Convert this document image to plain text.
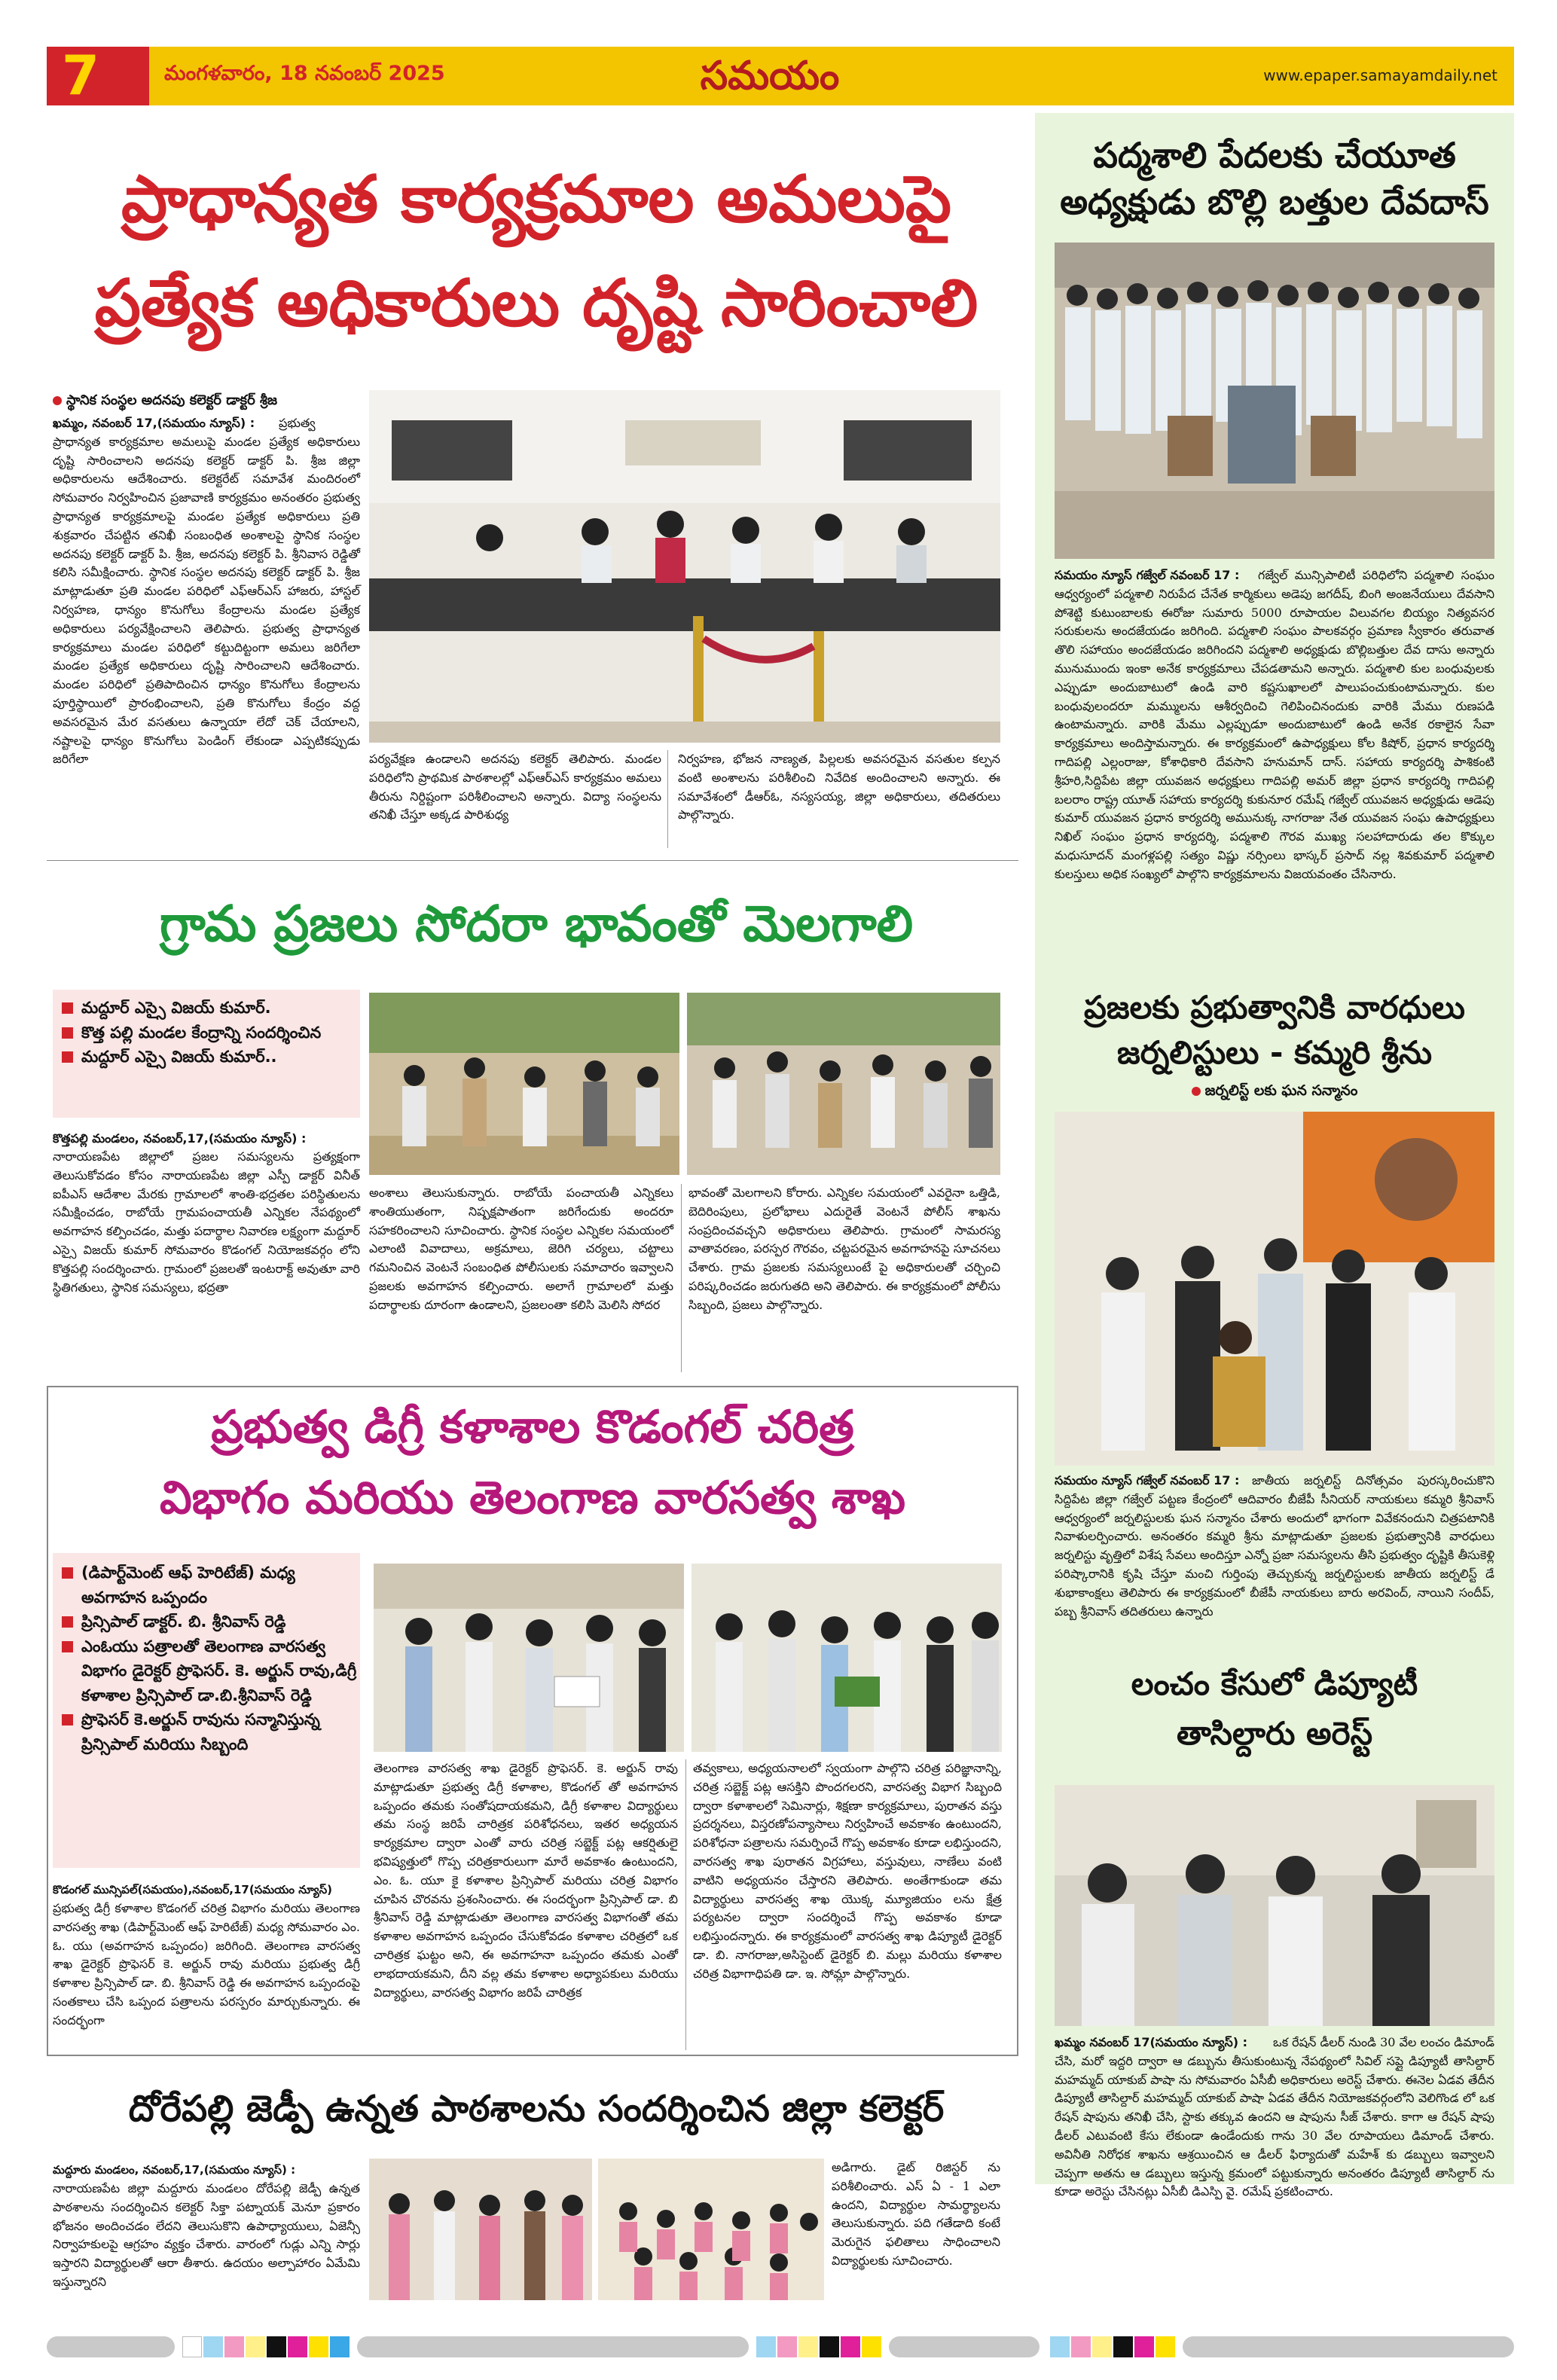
7	మంగళవారం, 18 నవంబర్ 2025	సమయం	www.epaper.samayamdaily.net
పద్మశాలి పేదలకు చేయూత
అధ్యక్షుడు బొల్లి బత్తుల దేవదాస్
సమయం న్యూస్ గజ్వేల్ నవంబర్ 17 :	గజ్వేల్ మున్సిపాలిటీ పరిధిలోని పద్మశాలి సంఘం ఆధ్వర్యంలో పద్మశాలి నిరుపేద చేనేత కార్మికులు అడెపు జగదీష్, బింగి అంజనేయులు దేవసాని పోశెట్టి కుటుంబాలకు ఈరోజు సుమారు 5000 రూపాయల విలువగల బియ్యం నిత్యవసర సరుకులను అందజేయడం జరిగింది. పద్మశాలి సంఘం పాలకవర్గం ప్రమాణ స్వీకారం తరువాత తొలి సహాయం అందజేయడం జరిగిందని పద్మశాలి అధ్యక్షుడు బొల్లిబత్తుల దేవ దాసు అన్నారు మునుముందు ఇంకా అనేక కార్యక్రమాలు చేపడతామని అన్నారు. పద్మశాలి కుల బంధువులకు ఎప్పుడూ అందుబాటులో ఉండి వారి కష్టసుఖాలలో పాలుపంచుకుంటామన్నారు. కుల బంధువులందరూ మమ్ములను ఆశీర్వదించి గెలిపించినందుకు వారికి మేము రుణపడి ఉంటామన్నారు. వారికి మేము ఎల్లప్పుడూ అందుబాటులో ఉండి అనేక రకాలైన సేవా కార్యక్రమాలు అందిస్తామన్నారు. ఈ కార్యక్రమంలో ఉపాధ్యక్షులు కోల కిషోర్, ప్రధాన కార్యదర్శి గాదిపల్లి ఎల్లంరాజు, కోశాధికారి దేవసాని హనుమాన్ దాస్. సహాయ కార్యదర్శి పాశికంటి శ్రీహరి,సిద్దిపేట జిల్లా యువజన అధ్యక్షులు గాదిపల్లి అమర్ జిల్లా ప్రధాన కార్యదర్శి గాదిపల్లి బలరాం రాష్ట్ర యూత్ సహాయ కార్యదర్శి కుకునూర రమేష్ గజ్వేల్ యువజన అధ్యక్షుడు ఆడెపు కుమార్ యువజన ప్రధాన కార్యదర్శి అమునుక్క నాగరాజు నేత యువజన సంఘ ఉపాధ్యక్షులు నిఖిల్ సంఘం ప్రధాన కార్యదర్శి, పద్మశాలి గౌరవ ముఖ్య సలహాదారుడు తల కొక్కుల మధుసూదన్ మంగళ్లపల్లి సత్యం విష్ణు నర్సింలు భాస్కర్ ప్రసాద్ నల్ల శివకుమార్ పద్మశాలి కులస్తులు అధిక సంఖ్యలో పాల్గొని కార్యక్రమాలను విజయవంతం చేసినారు.
ప్రజలకు ప్రభుత్వానికి వారధులు
జర్నలిస్టులు - కమ్మరి శ్రీను
జర్నలిస్ట్ లకు ఘన సన్మానం
సమయం న్యూస్ గజ్వేల్ నవంబర్ 17 :	జాతీయ జర్నలిస్ట్ దినోత్సవం పురస్కరించుకొని సిద్దిపేట జిల్లా గజ్వేల్ పట్టణ కేంద్రంలో ఆదివారం బీజేపీ సీనియర్ నాయకులు కమ్మరి శ్రీనివాస్ ఆధ్వర్యంలో జర్నలిస్టులకు ఘన సన్మానం చేశారు అందులో భాగంగా వివేకనందుని చిత్రపటానికి నివాళులర్పించారు. అనంతరం కమ్మరి శ్రీను మాట్లాడుతూ ప్రజలకు ప్రభుత్వానికి వారధులు జర్నలిస్టు వృత్తిలో విశేష సేవలు అందిస్తూ ఎన్నో ప్రజా సమస్యలను తీసి ప్రభుత్వం దృష్టికి తీసుకెళ్లి పరిష్కారానికి కృషి చేస్తూ మంచి గుర్తింపు తెచ్చుకున్న జర్నలిస్టులకు జాతీయ జర్నలిస్ట్ డే శుభాకాంక్షలు తెలిపారు ఈ కార్యక్రమంలో బీజేపీ నాయకులు బారు అరవింద్, నాయిని సందీప్, పబ్బ శ్రీనివాస్ తదితరులు ఉన్నారు
లంచం కేసులో డిప్యూటీ
తాసిల్దారు అరెస్ట్
ఖమ్మం నవంబర్ 17(సమయం న్యూస్) :	ఒక రేషన్ డీలర్ నుండి 30 వేల లంచం డిమాండ్ చేసి, మరో ఇద్దరి ద్వారా ఆ డబ్బును తీసుకుంటున్న నేపథ్యంలో సివిల్ సప్లై డిప్యూటీ తాసిల్దార్ మహమ్మద్ యాకుబ్ పాషా ను సోమవారం ఏసీబీ అధికారులు అరెస్ట్ చేశారు. ఈనెల ఏడవ తేదీన డిప్యూటీ తాసిల్దార్ మహమ్మద్ యాకుబ్ పాషా ఏడవ తేదీన నియోజకవర్గంలోని వెలిగొండ లో ఒక రేషన్ షాపును తనిఖీ చేసి, స్టాకు తక్కువ ఉందని ఆ షాపును సీజ్ చేశారు. కాగా ఆ రేషన్ షాపు డీలర్ ఎటువంటి కేసు లేకుండా ఉండేందుకు గాను 30 వేల రూపాయలు డిమాండ్ చేశారు. అవినీతి నిరోధక శాఖను ఆశ్రయించిన ఆ డీలర్ ఫిర్యాదుతో మహేశ్ కు డబ్బులు ఇవ్వాలని చెప్పగా అతను ఆ డబ్బులు ఇస్తున్న క్రమంలో పట్టుకున్నారు అనంతరం డిప్యూటీ తాసిల్దార్ ను కూడా అరెస్టు చేసినట్లు ఏసీబీ డిఎస్పి వై. రమేష్ ప్రకటించారు.
ప్రాధాన్యత కార్యక్రమాల అమలుపై
ప్రత్యేక అధికారులు దృష్టి సారించాలి
స్థానిక సంస్థల అదనపు కలెక్టర్ డాక్టర్ శ్రీజ
ఖమ్మం, నవంబర్ 17,(సమయం న్యూస్) :	ప్రభుత్వ ప్రాధాన్యత కార్యక్రమాల అమలుపై మండల ప్రత్యేక అధికారులు దృష్టి సారించాలని అదనపు కలెక్టర్ డాక్టర్ పి. శ్రీజ జిల్లా అధికారులను ఆదేశించారు. కలెక్టరేట్ సమావేశ మందిరంలో సోమవారం నిర్వహించిన ప్రజావాణి కార్యక్రమం అనంతరం ప్రభుత్వ ప్రాధాన్యత కార్యక్రమాలపై మండల ప్రత్యేక అధికారులు ప్రతి శుక్రవారం చేపట్టిన తనిఖీ సంబంధిత అంశాలపై స్థానిక సంస్థల అదనపు కలెక్టర్ డాక్టర్ పి. శ్రీజ, అదనపు కలెక్టర్ పి. శ్రీనివాస రెడ్డితో కలిసి సమీక్షించారు. స్థానిక సంస్థల అదనపు కలెక్టర్ డాక్టర్ పి. శ్రీజ మాట్లాడుతూ ప్రతి మండల పరిధిలో ఎఫ్ఆర్ఎస్ హాజరు, హాస్టల్ నిర్వహణ, ధాన్యం కొనుగోలు కేంద్రాలను మండల ప్రత్యేక అధికారులు పర్యవేక్షించాలని తెలిపారు. ప్రభుత్వ ప్రాధాన్యత కార్యక్రమాలు మండల పరిధిలో కట్టుదిట్టంగా అమలు జరిగేలా మండల ప్రత్యేక అధికారులు దృష్టి సారించాలని ఆదేశించారు. మండల పరిధిలో ప్రతిపాదించిన ధాన్యం కొనుగోలు కేంద్రాలను పూర్తిస్థాయిలో ప్రారంభించాలని, ప్రతి కొనుగోలు కేంద్రం వద్ద అవసరమైన మేర వసతులు ఉన్నాయా లేదో చెక్ చేయాలని, నష్టాలపై ధాన్యం కొనుగోలు పెండింగ్ లేకుండా ఎప్పటికప్పుడు జరిగేలా	పర్యవేక్షణ ఉండాలని అదనపు కలెక్టర్ తెలిపారు. మండల పరిధిలోని ప్రాథమిక పాఠశాలల్లో ఎఫ్ఆర్ఎస్ కార్యక్రమం అమలు తీరును నిర్దిష్టంగా పరిశీలించాలని అన్నారు. విద్యా సంస్థలను తనిఖీ చేస్తూ అక్కడ పారిశుధ్య
నిర్వహణ, భోజన నాణ్యత, పిల్లలకు అవసరమైన వసతుల కల్పన వంటి అంశాలను పరిశీలించి నివేదిక అందించాలని అన్నారు. ఈ సమావేశంలో డీఆర్ఓ, నస్యసయ్య, జిల్లా అధికారులు, తదితరులు పాల్గొన్నారు.
గ్రామ ప్రజలు సోదరా భావంతో మెలగాలి
మద్దూర్ ఎస్సై విజయ్ కుమార్.
కొత్త పల్లి మండల కేంద్రాన్ని సందర్శించిన
మద్దూర్ ఎస్సై విజయ్ కుమార్..
కొత్తపల్లి మండలం, నవంబర్,17,(సమయం న్యూస్) :
నారాయణపేట జిల్లాలో ప్రజల సమస్యలను ప్రత్యక్షంగా తెలుసుకోవడం కోసం నారాయణపేట జిల్లా ఎస్పీ డాక్టర్ వినీత్ ఐపీఎస్ ఆదేశాల మేరకు గ్రామాలలో శాంతి-భద్రతల పరిస్థితులను సమీక్షించడం, రాబోయే గ్రామపంచాయతీ ఎన్నికల నేపథ్యంలో అవగాహన కల్పించడం, మత్తు పదార్థాల నివారణ లక్ష్యంగా మద్దూర్ ఎస్సై విజయ్ కుమార్ సోమవారం కొడంగల్ నియోజకవర్గం లోని కొత్తపల్లి సందర్శించారు. గ్రామంలో ప్రజలతో ఇంటరాక్ట్ అవుతూ వారి స్థితిగతులు, స్థానిక సమస్యలు, భద్రతా
అంశాలు తెలుసుకున్నారు. రాబోయే పంచాయతీ ఎన్నికలు శాంతియుతంగా, నిష్పక్షపాతంగా జరిగేందుకు అందరూ సహకరించాలని సూచించారు. స్థానిక సంస్థల ఎన్నికల సమయంలో ఎలాంటి వివాదాలు, అక్రమాలు, జెరిగి చర్యలు, చట్టాలు గమనించిన వెంటనే సంబంధిత పోలీసులకు సమాచారం ఇవ్వాలని ప్రజలకు అవగాహన కల్పించారు. అలాగే గ్రామాలలో మత్తు పదార్థాలకు దూరంగా ఉండాలని, ప్రజలంతా కలిసి మెలిసి సోదర
భావంతో మెలగాలని కోరారు. ఎన్నికల సమయంలో ఎవరైనా ఒత్తిడి, బెదిరింపులు, ప్రలోభాలు ఎదురైతే వెంటనే పోలీస్ శాఖను సంప్రదించవచ్చని అధికారులు తెలిపారు. గ్రామంలో సామరస్య వాతావరణం, పరస్పర గౌరవం, చట్టపరమైన అవగాహనపై సూచనలు చేశారు. గ్రామ ప్రజలకు సమస్యలుంటే పై అధికారులతో చర్చించి పరిష్కరించడం జరుగుతది అని తెలిపారు. ఈ కార్యక్రమంలో పోలీసు సిబ్బంది, ప్రజలు పాల్గొన్నారు.
ప్రభుత్వ డిగ్రీ కళాశాల కొడంగల్ చరిత్ర
విభాగం మరియు తెలంగాణ వారసత్వ శాఖ
(డిపార్ట్‌మెంట్ ఆఫ్ హెరిటేజ్) మధ్య అవగాహన ఒప్పందం
ప్రిన్సిపాల్ డాక్టర్. బి. శ్రీనివాస్ రెడ్డి
ఎంఓయు పత్రాలతో తెలంగాణ వారసత్వ విభాగం డైరెక్టర్ ప్రొఫెసర్. కె. అర్జున్ రావు,డిగ్రీ కళాశాల ప్రిన్సిపాల్ డా.బి.శ్రీనివాస్ రెడ్డి
ప్రొఫెసర్ కె.అర్జున్ రావును సన్మానిస్తున్న ప్రిన్సిపాల్ మరియు సిబ్బంది
కొడంగల్ మున్సిపల్(సమయం),నవంబర్,17(సమయం న్యూస్)
ప్రభుత్వ డిగ్రీ కళాశాల కొడంగల్ చరిత్ర విభాగం మరియు తెలంగాణ వారసత్వ శాఖ (డిపార్ట్‌మెంట్ ఆఫ్ హెరిటేజ్) మధ్య సోమవారం ఎం. ఓ. యు (అవగాహన ఒప్పందం) జరిగింది. తెలంగాణ వారసత్వ శాఖ డైరెక్టర్ ప్రొఫెసర్ కె. అర్జున్ రావు మరియు ప్రభుత్వ డిగ్రీ కళాశాల ప్రిన్సిపాల్ డా. బి. శ్రీనివాస్ రెడ్డి ఈ అవగాహన ఒప్పందంపై సంతకాలు చేసి ఒప్పంద పత్రాలను పరస్పరం మార్చుకున్నారు. ఈ సందర్భంగా
తెలంగాణ వారసత్వ శాఖ డైరెక్టర్ ప్రొఫెసర్. కె. అర్జున్ రావు మాట్లాడుతూ ప్రభుత్వ డిగ్రీ కళాశాల, కొడంగల్ తో అవగాహన ఒప్పందం తమకు సంతోషదాయకమని, డిగ్రీ కళాశాల విద్యార్థులు తమ సంస్థ జరిపే చారిత్రక పరిశోధనలు, ఇతర అధ్యయన కార్యక్రమాల ద్వారా ఎంతో వారు చరిత్ర సబ్జెక్ట్ పట్ల ఆకర్షితులై భవిష్యత్తులో గొప్ప చరిత్రకారులుగా మారే అవకాశం ఉంటుందని, ఎం. ఓ. యూ కై కళాశాల ప్రిన్సిపాల్ మరియు చరిత్ర విభాగం చూపిన చొరవను ప్రశంసించారు. ఈ సందర్భంగా ప్రిన్సిపాల్ డా. బి శ్రీనివాస్ రెడ్డి మాట్లాడుతూ తెలంగాణ వారసత్వ విభాగంతో తమ కళాశాల అవగాహన ఒప్పందం చేసుకోవడం కళాశాల చరిత్రలో ఒక చారిత్రక ఘట్టం అని, ఈ అవగాహనా ఒప్పందం తమకు ఎంతో లాభదాయకమని, దీని వల్ల తమ కళాశాల అధ్యాపకులు మరియు విద్యార్థులు, వారసత్వ విభాగం జరిపే చారిత్రక
తవ్వకాలు, అధ్యయనాలలో స్వయంగా పాల్గొని చరిత్ర పరిజ్ఞానాన్ని, చరిత్ర సబ్జెక్ట్ పట్ల ఆసక్తిని పొందగలరని, వారసత్వ విభాగ సిబ్బంది ద్వారా కళాశాలలో సెమినార్లు, శిక్షణా కార్యక్రమాలు, పురాతన వస్తు ప్రదర్శనలు, విస్తరణోపన్యాసాలు నిర్వహించే అవకాశం ఉంటుందని, పరిశోధనా పత్రాలను సమర్పించే గొప్ప అవకాశం కూడా లభిస్తుందని, వారసత్వ శాఖ పురాతన విగ్రహాలు, వస్తువులు, నాణేలు వంటి వాటిని అధ్యయనం చేస్తారని తెలిపారు. అంతేగాకుండా తమ విద్యార్థులు వారసత్వ శాఖ యొక్క మ్యూజియం లను క్షేత్ర పర్యటనల ద్వారా సందర్శించే గొప్ప అవకాశం కూడా లభిస్తుందన్నారు. ఈ కార్యక్రమంలో వారసత్వ శాఖ డిప్యూటీ డైరెక్టర్ డా. బి. నాగరాజు,అసిస్టెంట్ డైరెక్టర్ బి. మల్లు మరియు కళాశాల చరిత్ర విభాగాధిపతి డా. ఇ. సోమ్లా పాల్గొన్నారు.
దోరేపల్లి జెడ్పీ ఉన్నత పాఠశాలను సందర్శించిన జిల్లా కలెక్టర్
మద్దూరు మండలం, నవంబర్,17,(సమయం న్యూస్) :
నారాయణపేట జిల్లా మద్దూరు మండలం దోరేపల్లి జెడ్పీ ఉన్నత పాఠశాలను సందర్శించిన కలెక్టర్ సిక్తా పట్నాయక్ మెనూ ప్రకారం భోజనం అందించడం లేదని తెలుసుకొని ఉపాధ్యాయులు, ఏజెన్సీ నిర్వాహకులపై ఆగ్రహం వ్యక్తం చేశారు. వారంలో గుడ్లు ఎన్ని సార్లు ఇస్తారని విద్యార్థులతో ఆరా తీశారు. ఉదయం అల్పాహారం ఏమేమి ఇస్తున్నారని
అడిగారు. డైట్ రిజిస్టర్ ను పరిశీలించారు. ఎస్ ఏ - 1 ఎలా ఉందని, విద్యార్థుల సామర్థ్యాలను తెలుసుకున్నారు. పది గతేడాది కంటే మెరుగైన ఫలితాలు సాధించాలని విద్యార్థులకు సూచించారు.
